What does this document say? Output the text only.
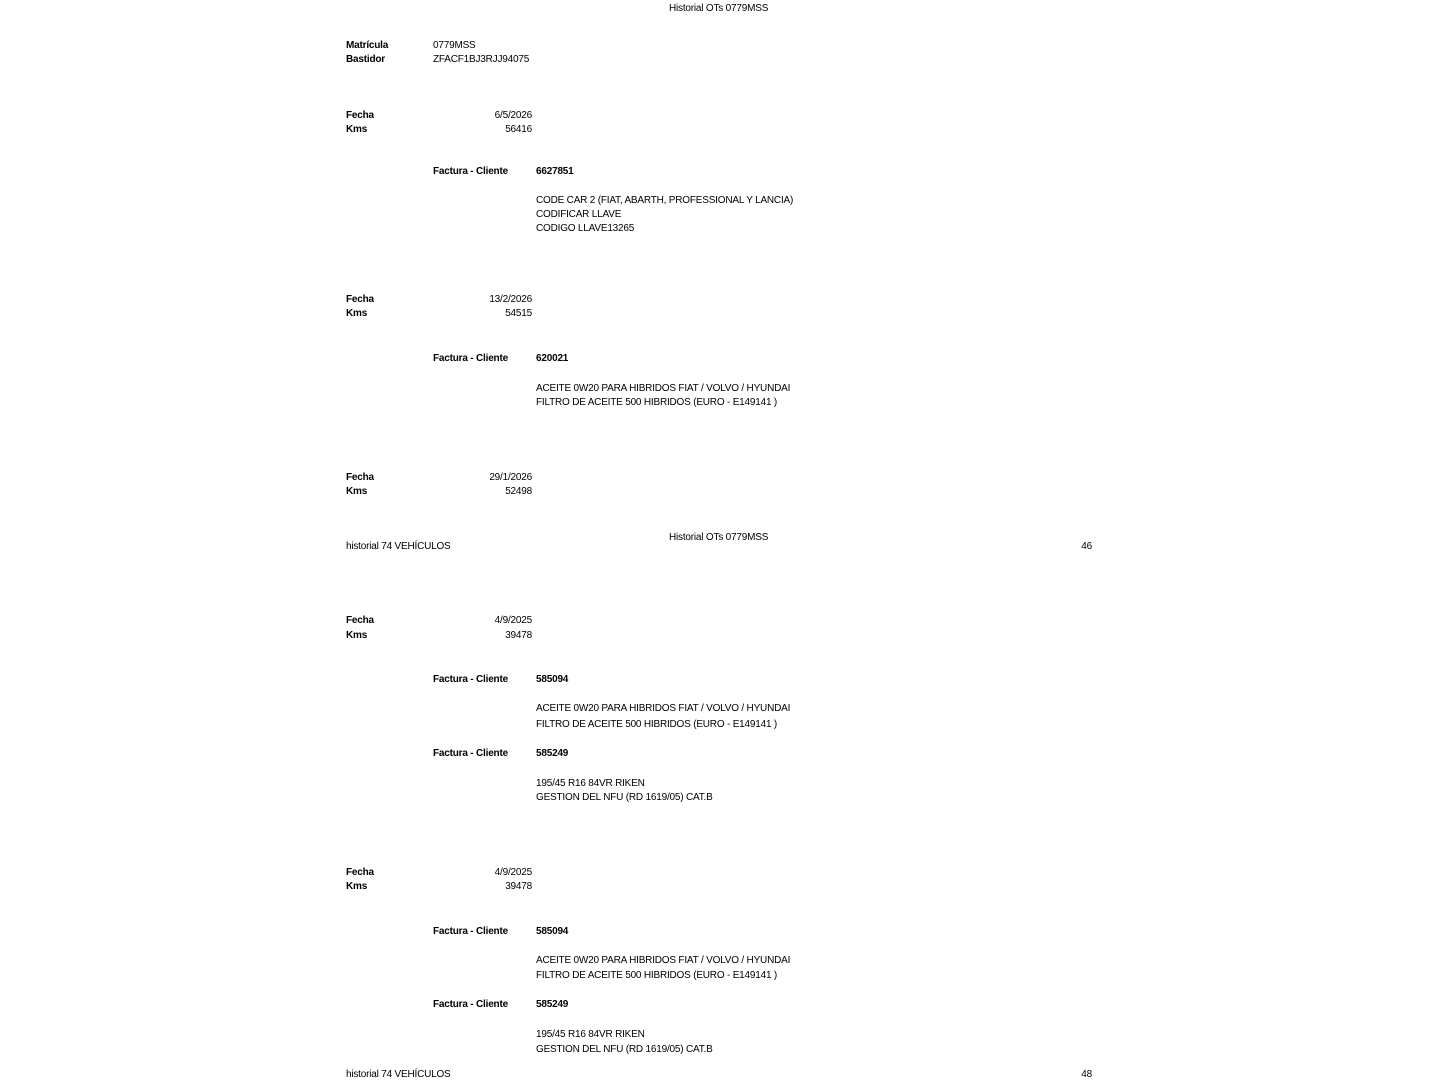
Historial OTs 0779MSS
Matrícula	0779MSS
Bastidor	ZFACF1BJ3RJJ94075
Fecha	6/5/2026
Kms	56416
Factura - Cliente	6627851
CODE CAR 2 (FIAT, ABARTH, PROFESSIONAL Y LANCIA)
CODIFICAR LLAVE
CODIGO LLAVE13265
Fecha	13/2/2026
Kms	54515
Factura - Cliente	620021
ACEITE 0W20 PARA HIBRIDOS FIAT / VOLVO / HYUNDAI
FILTRO DE ACEITE 500 HIBRIDOS (EURO - E149141 )
Fecha	29/1/2026
Kms	52498
historial 74 VEHÍCULOS	46
Historial OTs 0779MSS
Fecha	4/9/2025
Kms	39478
Factura - Cliente	585094
ACEITE 0W20 PARA HIBRIDOS FIAT / VOLVO / HYUNDAI
FILTRO DE ACEITE 500 HIBRIDOS (EURO - E149141 )
Factura - Cliente	585249
195/45 R16 84VR RIKEN
GESTION DEL NFU (RD 1619/05) CAT.B
Fecha	4/9/2025
Kms	39478
Factura - Cliente	585094
ACEITE 0W20 PARA HIBRIDOS FIAT / VOLVO / HYUNDAI
FILTRO DE ACEITE 500 HIBRIDOS (EURO - E149141 )
Factura - Cliente	585249
195/45 R16 84VR RIKEN
GESTION DEL NFU (RD 1619/05) CAT.B
historial 74 VEHÍCULOS	48
